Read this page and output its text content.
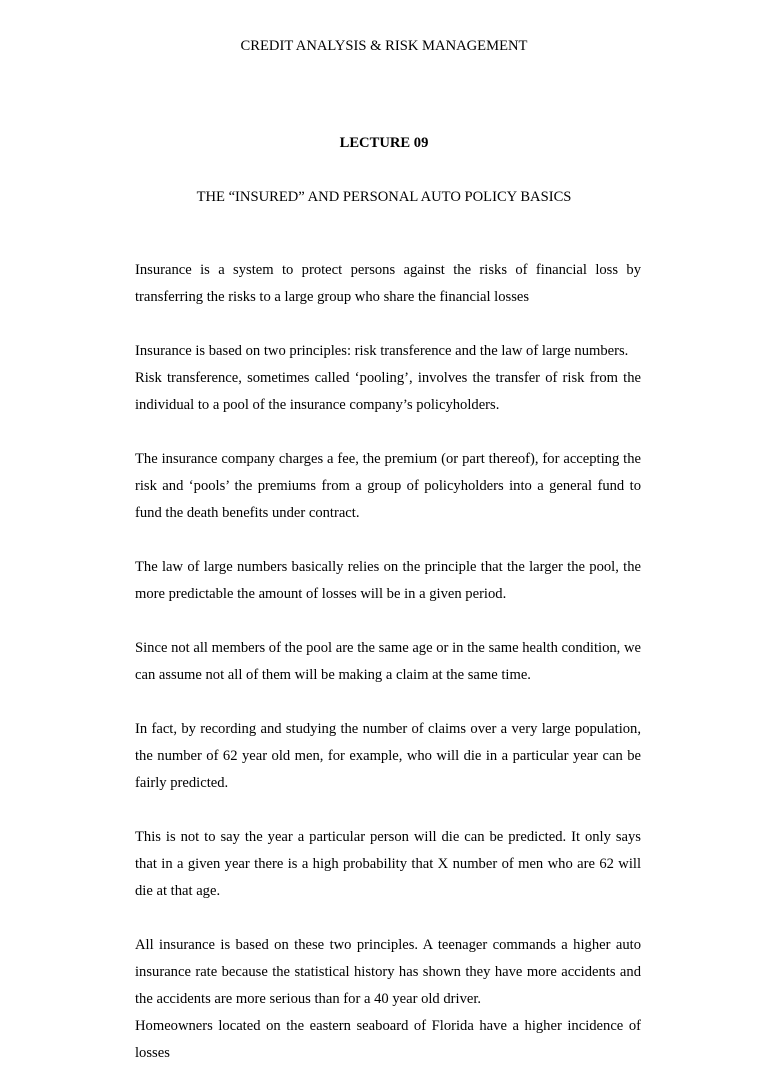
CREDIT ANALYSIS & RISK MANAGEMENT

LECTURE 09

THE “INSURED” AND PERSONAL AUTO POLICY BASICS

Insurance is a system to protect persons against the risks of financial loss by transferring the risks to a large group who share the financial losses

Insurance is based on two principles: risk transference and the law of large numbers.

Risk transference, sometimes called ‘pooling’, involves the transfer of risk from the individual to a pool of the insurance company’s policyholders.

The insurance company charges a fee, the premium (or part thereof), for accepting the risk and ‘pools’ the premiums from a group of policyholders into a general fund to fund the death benefits under contract.

The law of large numbers basically relies on the principle that the larger the pool, the more predictable the amount of losses will be in a given period.

Since not all members of the pool are the same age or in the same health condition, we can assume not all of them will be making a claim at the same time.

In fact, by recording and studying the number of claims over a very large population, the number of 62 year old men, for example, who will die in a particular year can be fairly predicted.

This is not to say the year a particular person will die can be predicted. It only says that in a given year there is a high probability that X number of men who are 62 will die at that age.

All insurance is based on these two principles. A teenager commands a higher auto insurance rate because the statistical history has shown they have more accidents and the accidents are more serious than for a 40 year old driver.

Homeowners located on the eastern seaboard of Florida have a higher incidence of losses
